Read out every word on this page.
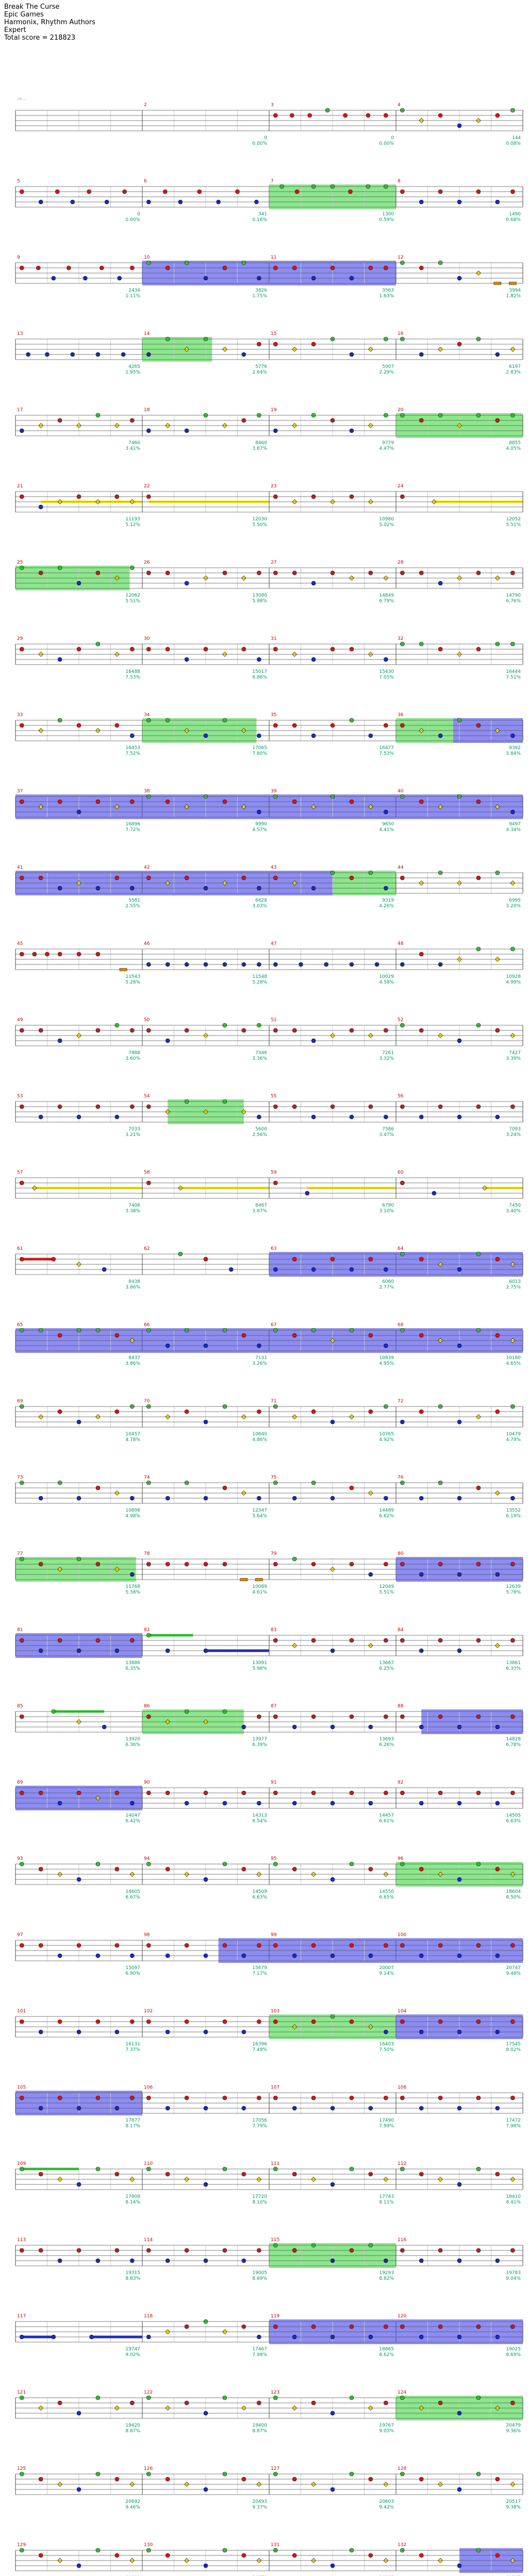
Break The Curse
Epic Games
Harmonix, Rhythm Authors
Expert
Total score = 218823
♩=...
2
0
0.00%
3
0
0.00%
4
144
0.08%
5
0
0.00%
6
341
0.16%
7
1300
0.59%
8
1490
0.68%
9
2434
1.11%
10
3826
1.75%
11
3563
1.63%
12
3994
1.82%
13
4265
1.95%
14
5776
2.64%
15
5007
2.29%
16
6197
2.83%
17
7460
3.41%
18
8460
3.87%
19
9779
4.47%
20
8855
4.05%
21
11193
5.12%
22
12030
5.50%
23
10980
5.02%
24
12052
5.51%
25
12062
5.51%
26
13080
5.98%
27
14849
6.79%
28
14790
6.76%
29
16488
7.53%
30
15017
6.86%
31
15430
7.05%
32
16444
7.51%
33
16453
7.52%
34
17065
7.80%
35
16477
7.53%
36
8392
3.84%
37
16896
7.72%
38
9990
4.57%
39
9650
4.41%
40
9497
4.34%
41
5581
2.55%
42
6628
3.03%
43
9319
4.26%
44
6995
3.20%
45
11543
5.28%
46
11548
5.28%
47
10029
4.58%
48
10928
4.99%
49
7888
3.60%
50
7346
3.36%
51
7261
3.32%
52
7427
3.39%
53
7033
3.21%
54
5600
2.56%
55
7586
3.47%
56
7093
3.24%
57
7406
3.38%
58
8467
3.87%
59
6790
3.10%
60
7450
3.40%
61
8438
3.86%
62	63
6060
2.77%
64
6013
2.75%
65
8437
3.86%
66
7131
3.26%
67
10839
4.95%
68
10180
4.65%
69
10457
4.78%
70
10640
4.86%
71
10765
4.92%
72
10479
4.79%
73
10898
4.98%
74
12347
5.64%
75
14489
6.62%
76
13552
6.19%
77
11768
5.38%
78
10089
4.61%
79
12049
5.51%
80
12639
5.78%
81
13886
6.35%
82
13091
5.98%
83
13667
6.25%
84
13861
6.33%
85
13920
6.36%
86
13977
6.39%
87
13693
6.26%
88
14828
6.78%
89
14047
6.42%
90
14313
6.54%
91
14457
6.61%
92
14505
6.63%
93
14605
6.67%
94
14509
6.63%
95
14550
6.65%
96
18604
8.50%
97
15097
6.90%
98
15679
7.17%
99
20007
9.14%
100
20747
9.48%
101
16131
7.37%
102
16396
7.49%
103
16403
7.50%
104
17545
8.02%
105
17877
8.17%
106
17056
7.79%
107
17490
7.99%
108
17472
7.98%
109
17809
8.14%
110
17720
8.10%
111
17743
8.11%
112
18410
8.41%
113
19315
8.83%
114
19005
8.69%
115
19293
8.82%
116
19783
9.04%
117
19747
9.02%
118
17467
7.98%
119
18865
8.62%
120
19025
8.69%
121
19420
8.87%
122
19400
8.87%
123
19767
9.03%
124
20479
9.36%
125
20692
9.46%
126
20493
9.37%
127
20603
9.42%
128
20517
9.38%
129	130	131	132
